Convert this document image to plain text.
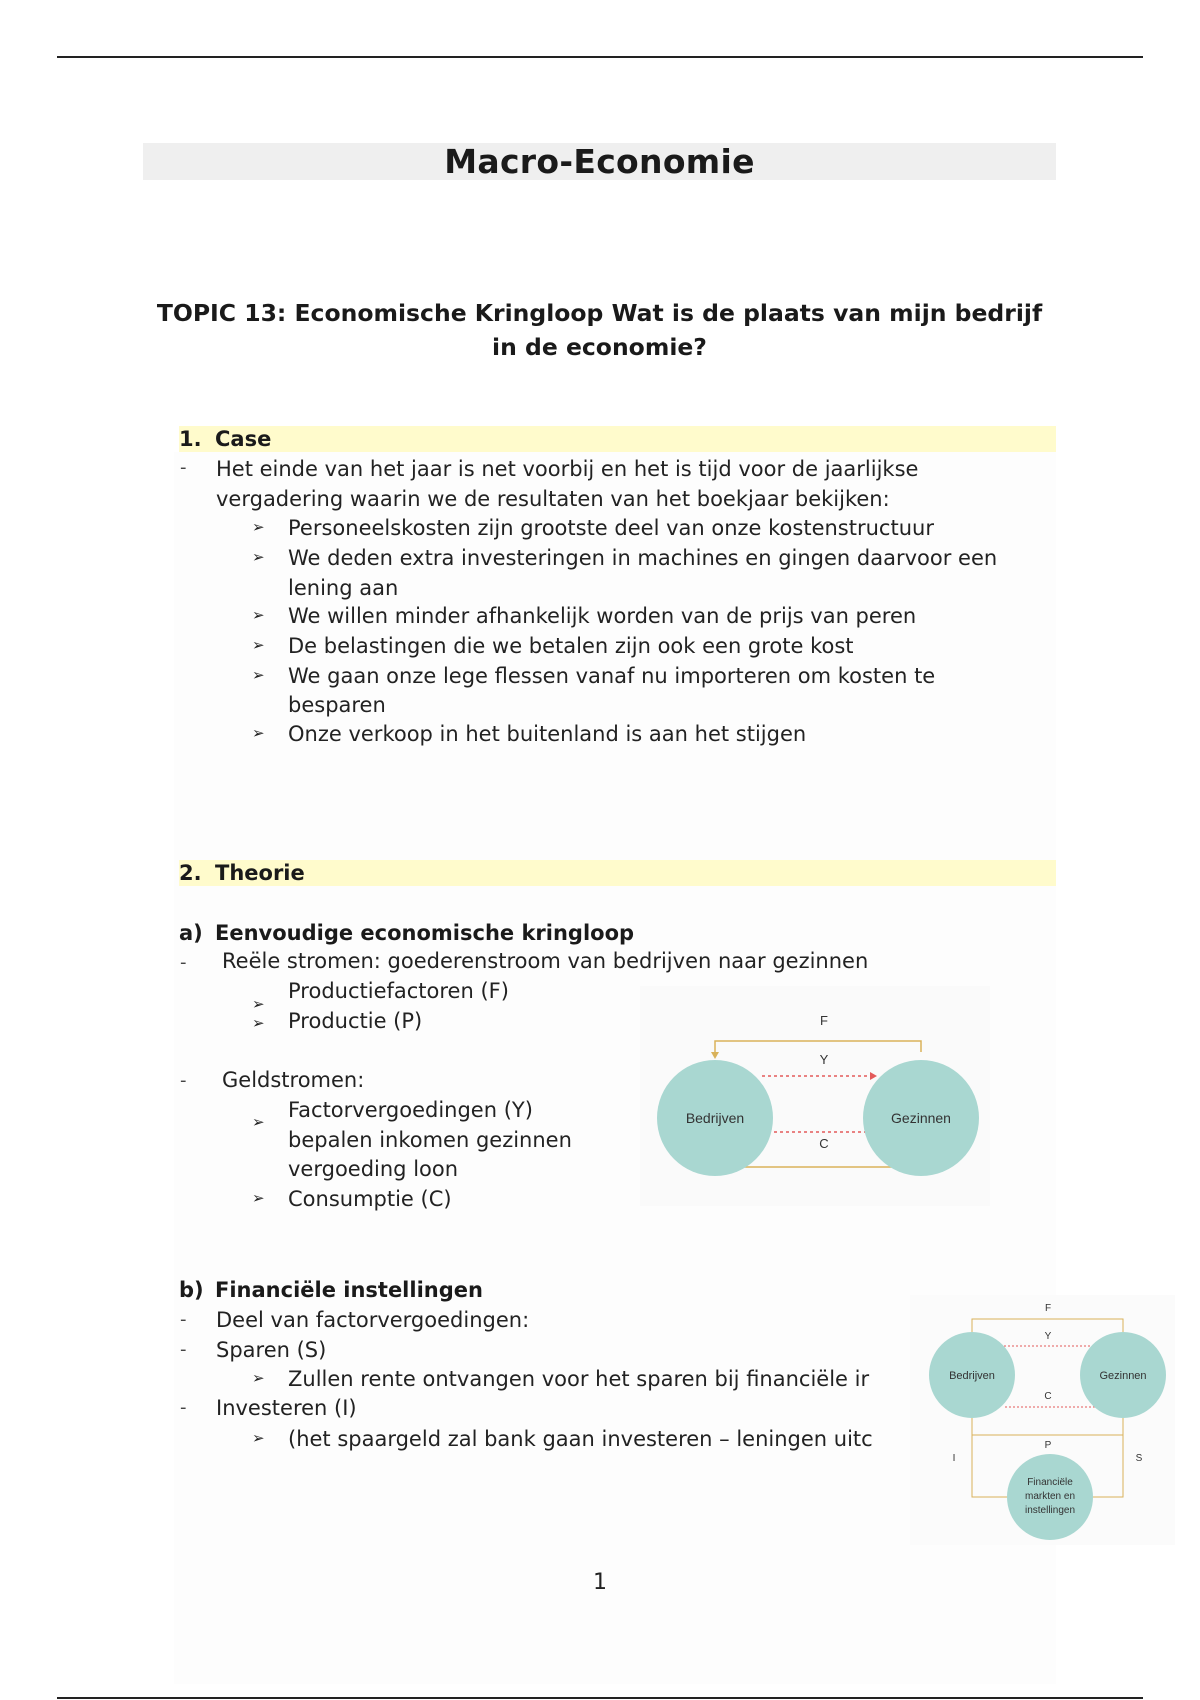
Macro-Economie
TOPIC 13: Economische Kringloop Wat is de plaats van mijn bedrijf
in de economie?
1. Case
- Het einde van het jaar is net voorbij en het is tijd voor de jaarlijkse
vergadering waarin we de resultaten van het boekjaar bekijken:
➢ Personeelskosten zijn grootste deel van onze kostenstructuur
➢ We deden extra investeringen in machines en gingen daarvoor een
lening aan
➢ We willen minder afhankelijk worden van de prijs van peren
➢ De belastingen die we betalen zijn ook een grote kost
➢ We gaan onze lege flessen vanaf nu importeren om kosten te
besparen
➢ Onze verkoop in het buitenland is aan het stijgen
2. Theorie
a) Eenvoudige economische kringloop
- Reële stromen: goederenstroom van bedrijven naar gezinnen
➢
Productiefactoren (F)
➢ Productie (P)
- Geldstromen:
➢ Factorvergoedingen (Y)
bepalen inkomen gezinnen
vergoeding loon
➢ Consumptie (C)
Bedrijven	Gezinnen
F
Y
C
b) Financiële instellingen
- Deel van factorvergoedingen:
- Sparen (S)
➢ Zullen rente ontvangen voor het sparen bij financiële ir
- Investeren (I)
➢ (het spaargeld zal bank gaan investeren – leningen uitc
Bedrijven	Gezinnen
Financiële
markten en
instellingen
F
Y
C
P
I	S
1
